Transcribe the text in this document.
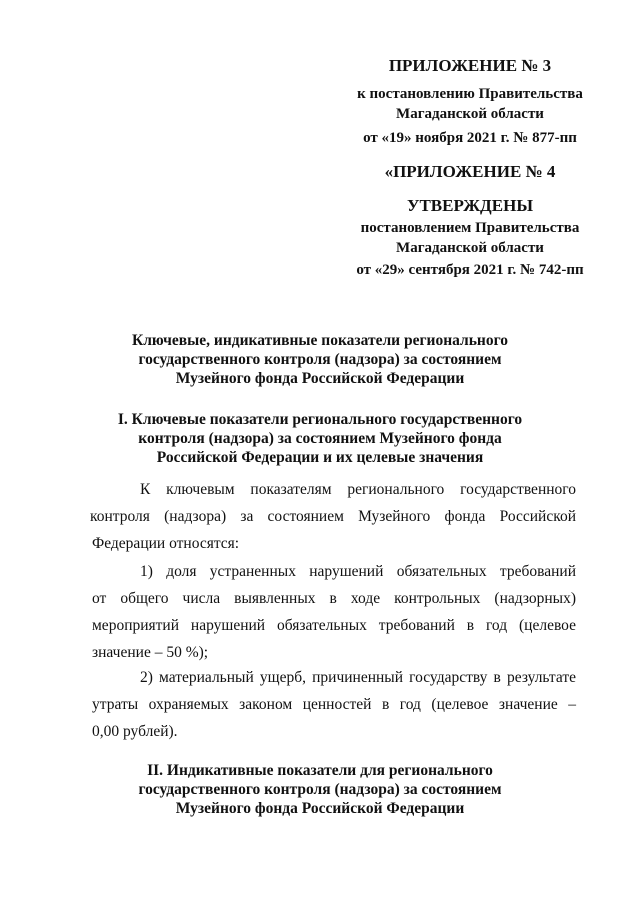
ПРИЛОЖЕНИЕ № 3
к постановлению Правительства
Магаданской области
от «19» ноября 2021 г. № 877-пп
«ПРИЛОЖЕНИЕ № 4
УТВЕРЖДЕНЫ
постановлением Правительства
Магаданской области
от «29» сентября 2021 г. № 742-пп
Ключевые, индикативные показатели регионального
государственного контроля (надзора) за состоянием
Музейного фонда Российской Федерации
I. Ключевые показатели регионального государственного
контроля (надзора) за состоянием Музейного фонда
Российской Федерации и их целевые значения
К ключевым показателям регионального государственного
контроля (надзора) за состоянием Музейного фонда Российской
Федерации относятся:
1) доля устраненных нарушений обязательных требований
от общего числа выявленных в ходе контрольных (надзорных)
мероприятий нарушений обязательных требований в год (целевое
значение – 50 %);
2) материальный ущерб, причиненный государству в результате
утраты охраняемых законом ценностей в год (целевое значение –
0,00 рублей).
II. Индикативные показатели для регионального
государственного контроля (надзора) за состоянием
Музейного фонда Российской Федерации
